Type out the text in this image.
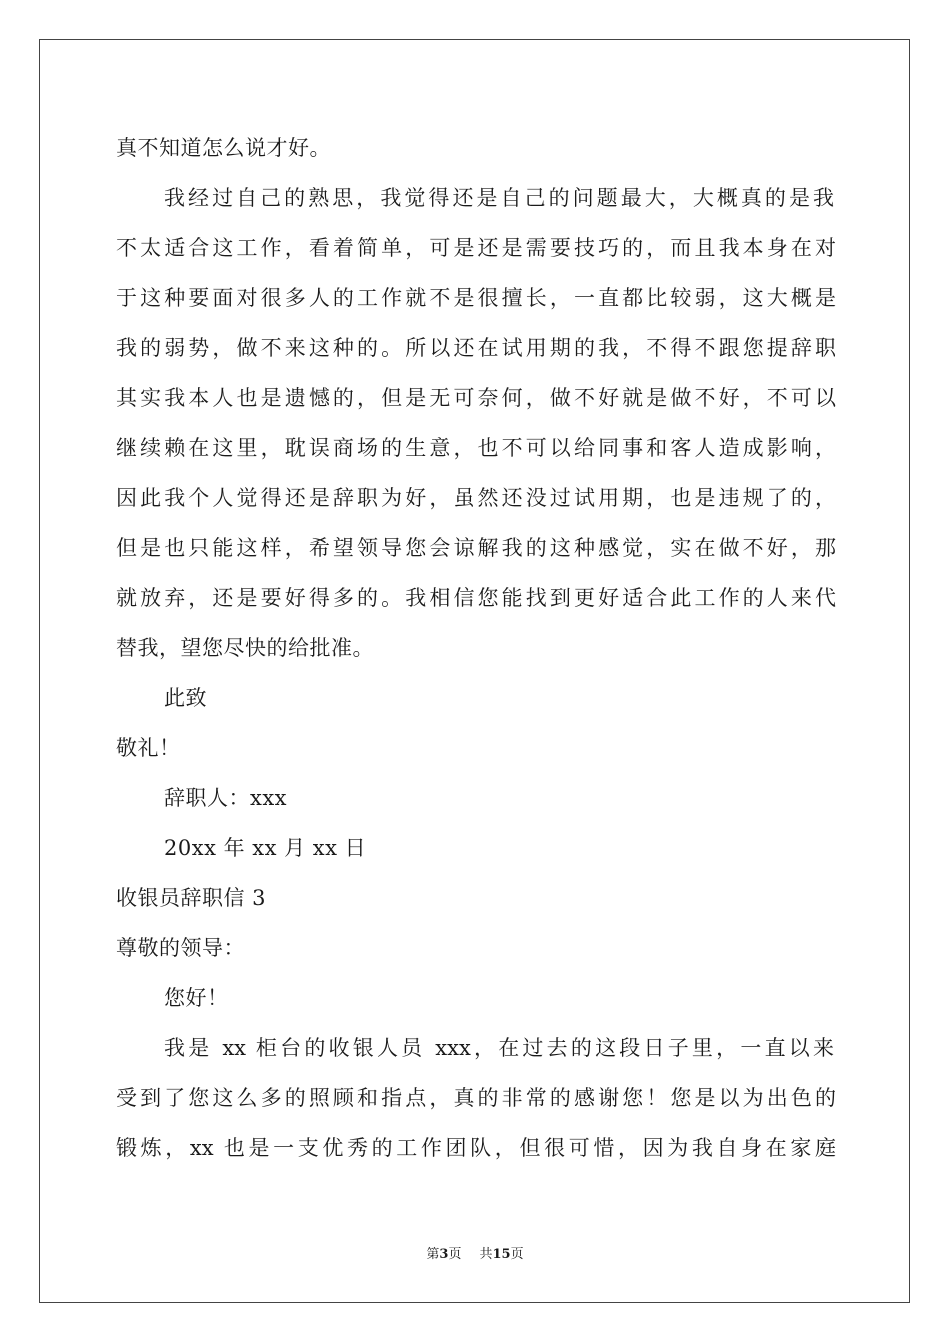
真不知道怎么说才好。
我经过自己的熟思，我觉得还是自己的问题最大，大概真的是我
不太适合这工作，看着简单，可是还是需要技巧的，而且我本身在对
于这种要面对很多人的工作就不是很擅长，一直都比较弱，这大概是
我的弱势，做不来这种的。所以还在试用期的我，不得不跟您提辞职
其实我本人也是遗憾的，但是无可奈何，做不好就是做不好，不可以
继续赖在这里，耽误商场的生意，也不可以给同事和客人造成影响，
因此我个人觉得还是辞职为好，虽然还没过试用期，也是违规了的，
但是也只能这样，希望领导您会谅解我的这种感觉，实在做不好，那
就放弃，还是要好得多的。我相信您能找到更好适合此工作的人来代
替我，望您尽快的给批准。
此致
敬礼！
辞职人：xxx
20xx 年 xx 月 xx 日
收银员辞职信 3
尊敬的领导：
您好！
我是 xx 柜台的收银人员 xxx，在过去的这段日子里，一直以来
受到了您这么多的照顾和指点，真的非常的感谢您！您是以为出色的
锻炼，xx 也是一支优秀的工作团队，但很可惜，因为我自身在家庭
第3页 共15页
